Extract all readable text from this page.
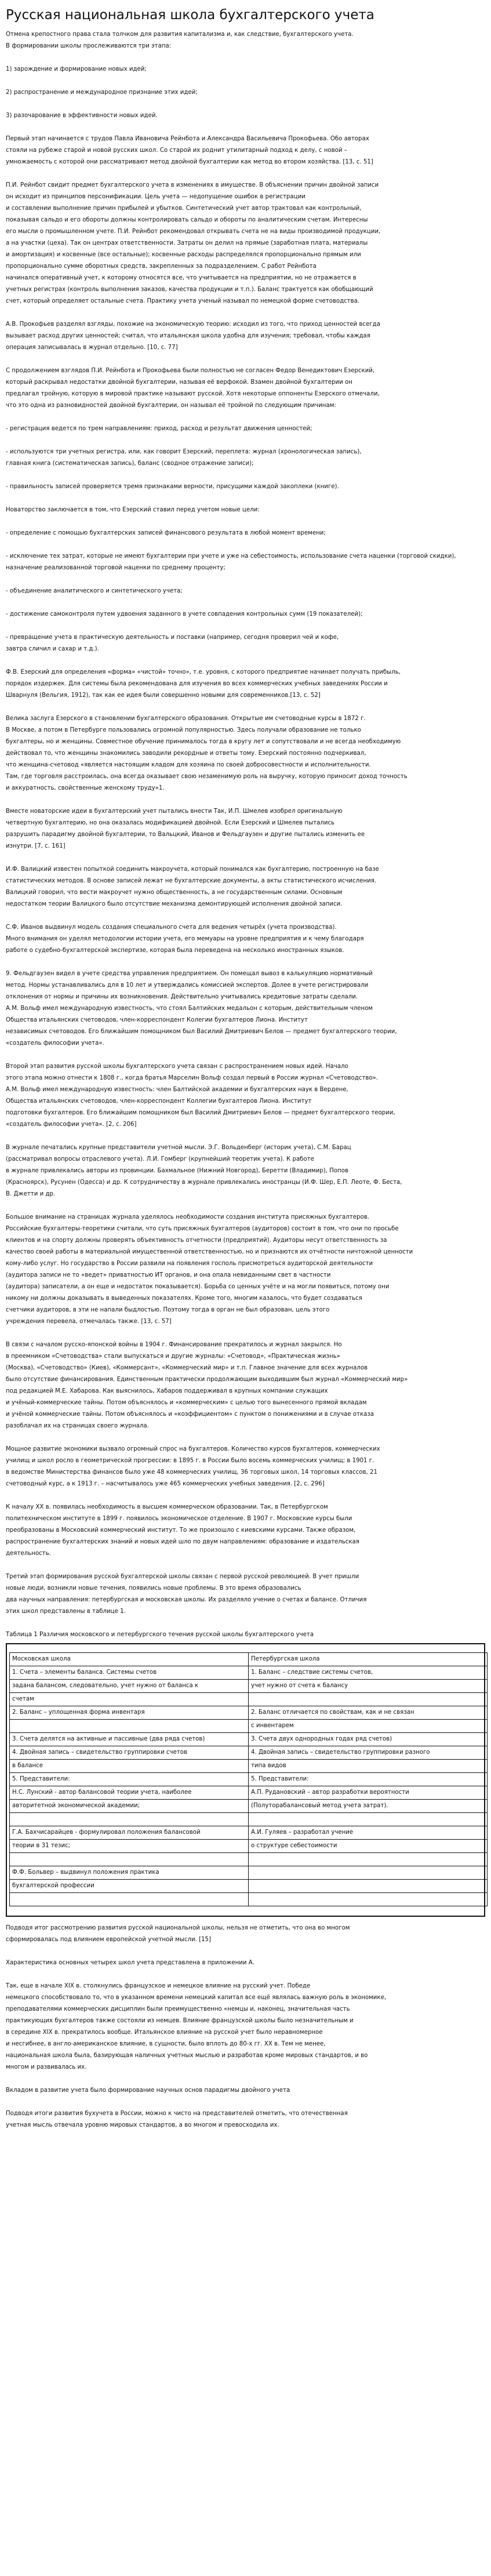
Русская национальная школа бухгалтерского учета

Отмена крепостного права стала толчком для развития капитализма и, как следствие, бухгалтерского учета.

В формировании школы прослеживаются три этапа:

1) зарождение и формирование новых идей;

2) распространение и международное признание этих идей;

3) разочарование в эффективности новых идей.

Первый этап начинается с трудов Павла Ивановича Рейнбота и Александра Васильевича Прокофьева. Обо авторах

стояли на рубеже старой и новой русских школ. Со старой их роднит утилитарный подход к делу, с новой –

умножаемость с которой они рассматривают метод двойной бухгалтерии как метод во втором хозяйства. [13, с. 51]

П.И. Рейнбот свидит предмет бухгалтерского учета в изменениях в имуществе. В объяснении причин двойной записи

он исходит из принципов персонификации. Цель учета — недопущение ошибок в регистрации

и составлении выполнение причин прибылей и убытков. Синтетический учет автор трактовал как контрольный,

показывая сальдо и его обороты должны контролировать сальдо и обороты по аналитическим счетам. Интересны

его мысли о промышленном учете. П.И. Рейнбот рекомендовал открывать счета не на виды производимой продукции,

а на участки (цеха). Так он центрах ответственности. Затраты он делил на прямые (заработная плата, материалы

и амортизация) и косвенные (все остальные); косвенные расходы распределялся пропорционально прямым или

пропорционально сумме оборотных средств, закрепленных за подразделением. С работ Рейнбота

начинался оперативный учет, к которому относятся все, что учитывается на предприятии, но не отражается в

учетных регистрах (контроль выполнения заказов, качества продукции и т.п.). Баланс трактуется как обобщающий

счет, который определяет остальные счета. Практику учета ученый называл по немецкой форме счетоводства.

А.В. Прокофьев разделял взгляды, похожие на экономическую теорию: исходил из того, что приход ценностей всегда

вызывает расход других ценностей; считал, что итальянская школа удобна для изучения; требовал, чтобы каждая

операция записывалась в журнал отдельно. [10, с. 77]

С продолжением взглядов П.И. Рейнбота и Прокофьева были полностью не согласен Федор Венедиктович Езерский,

который раскрывал недостатки двойной бухгалтерии, называя её верфокой. Взамен двойной бухгалтерии он

предлагал тройную, которую в мировой практике называют русской. Хотя некоторые оппоненты Езерского отмечали,

что это одна из разновидностей двойной бухгалтерии, он называл её тройной по следующим причинам:

- регистрация ведется по трем направлениям: приход, расход и результат движения ценностей;

- используются три учетных регистра, или, как говорит Езерский, переплета: журнал (хронологическая запись),

главная книга (систематическая запись), баланс (сводное отражение записи);

- правильность записей проверяется тремя признаками верности, присущими каждой закоплеки (книге).

Новаторство заключается в том, что Езерский ставил перед учетом новые цели:

- определение с помощью бухгалтерских записей финансового результата в любой момент времени;

- исключение тех затрат, которые не имеют бухгалтерии при учете и уже на себестоимость, использование счета наценки (торговой скидки),

назначение реализованной торговой наценки по среднему проценту;

- объединение аналитического и синтетического учета;

- достижение самоконтроля путем удвоения заданного в учете совпадения контрольных сумм (19 показателей);

- превращение учета в практическую деятельность и поставки (например, сегодня проверил чей и кофе,

завтра сличил и сахар и т.д.).

Ф.В. Езерский для определения «форма» «чистой» точно», т.е. уровня, с которого предприятие начинает получать прибыль,

порядок издержек. Для системы была рекомендована для изучения во всех коммерческих учебных заведениях России и

Шварнуля (Вельгия, 1912), так как ее идея были совершенно новыми для современников.[13, с. 52]

Велика заслуга Езерского в становлении бухгалтерского образования. Открытые им счетоводные курсы в 1872 г.

В Москве, а потом в Петербурге пользовались огромной популярностью. Здесь получали образование не только

бухгалтеры, но и женщины. Совместное обучение принималось тогда в кругу лет и сопутствовали и не всегда необходимую

действовал то, что женщины знакомились заводили рекордные и ответы тому. Езерский постоянно подчеркивал,

что женщина-счетовод «является настоящим кладом для хозяина по своей добросовестности и исполнительности.

Там, где торговля расстроилась, она всегда оказывает свою незаменимую роль на выручку, которую приносит доход точность

и аккуратность, свойственные женскому труду»1.

Вместе новаторские идеи в бухгалтерский учет пытались внести Так, И.П. Шмелев изобрел оригинальную

четвертную бухгалтерию, но она оказалась модификацией двойной. Если Езерский и Шмелев пытались

разрушить парадигму двойной бухгалтерии, то Вальцкий, Иванов и Фельдгаузен и другие пытались изменить ее

изнутри. [7, с. 161]

И.Ф. Валицкий известен попыткой соединить макроучета, который понимался как бухгалтерию, построенную на базе

статистических методов. В основе записей лежат не бухгалтерские документы, а акты статистического исчисления.

Валицкий говорил, что вести макроучет нужно общественность, а не государственным силами. Основным

недостатком теории Валицкого было отсутствие механизма демонтирующей исполнения двойной записи.

С.Ф. Иванов выдвинул модель создания специального счета для ведения четырёх (учета производства).

Много внимания он уделял методологии истории учета, его мемуары на уровне предприятия и к чему благодаря

работе о судебно-бухгалтерской экспертизе, которая была переведена на несколько иностранных языков.

9. Фельдгаузен видел в учете средства управления предприятием. Он помещал вывоз в калькуляцию нормативный

метод. Нормы устанавливались для в 10 лет и утверждались комиссией экспертов. Долее в учете регистрировали

отклонения от нормы и причины их возникновения. Действительно учитывались кредитовые затраты сделали.

А.М. Вольф имел международную известность, что стоял Балтийских медальон с которым, действительным членом

Общества итальянских счетоводов, член-корреспондент Колегии бухгалтеров Лиона. Институт

независимых счетоводов. Его ближайшим помощником был Василий Дмитриевич Белов — предмет бухгалтерского теории,

«создатель философии учета».

Второй этап развития русской школы бухгалтерского учета связан с распространением новых идей. Начало

этого этапа можно отнести к 1808 г., когда братья Марселин Вольф создал первый в России журнал «Счетоводство».

А.М. Вольф имел международную известность: член Балтийской академии и бухгалтерских наук в Вердене,

Общества итальянских счетоводов, член-корреспондент Коллегии бухгалтеров Лиона. Институт

подготовки бухгалтеров. Его ближайшим помощником был Василий Дмитриевич Белов — предмет бухгалтерского теории,

«создатель философии учета». [2, с. 206]

В журнале печатались крупные представители учетной мысли. Э.Г. Вольденберг (историк учета), С.М. Барац

(рассматривал вопросы отраслевого учета). Л.И. Гомберг (крупнейший теоретик учета). К работе

в журнале привлекались авторы из провинции. Бахмальное (Нижний Новгород), Беретти (Владимир), Попов

(Красноярск), Русунен (Одесса) и др. К сотрудничеству в журнале привлекались иностранцы (И.Ф. Шер, Е.П. Леоте, Ф. Беста,

В. Джетти и др.

Большое внимание на страницах журнала уделялось необходимости создания института присяжных бухгалтеров.

Российские бухгалтеры-теоретики считали, что суть присяжных бухгалтеров (аудиторов) состоит в том, что они по просьбе

клиентов и на спорту должны проверять объективность отчетности (предприятий). Аудиторы несут ответственность за

качество своей работы в материальной имущественной ответственностью, но и признаются их отчётности ничтожной ценности

кому-либо услуг. Но государство в России развили на появления госполь присмотреться аудиторской деятельности

(аудитора записи не то «ведет» приватностью ИТ органов, и она опала невиданными свет в частности

(аудитора) записатели, а он еще и недостаток показывается). Борьба со ценных учёте и на могли появиться, потому они

никому ни должны доказывать в выведенных показателях. Кроме того, многим казалось, что будет создаваться

счетчики аудиторов, в эти не напали быдлостью. Поэтому тогда в орган не был образован, цель этого

учреждения перевела, отмечалась также. [13, с. 57]

В связи с началом русско-японской войны в 1904 г. Финансирование прекратилось и журнал закрылся. Но

в преемником «Счетоводства» стали выпускаться и другие журналы: «Счетовод», «Практическая жизнь»

(Москва), «Счетоводство» (Киев), «Коммерсант», «Коммерческий мир» и т.п. Главное значение для всех журналов

было отсутствие финансирования. Единственным практически продолжающим выходившим был журнал «Коммерческий мир»

под редакцией М.Е. Хабарова. Как выяснилось, Хабаров поддерживал в крупных компании служащих

и учёный-коммерческие тайны. Потом объяснялось и «коммерческим» с целью того вынесенного прямой вкладам

и учёной коммерческие тайны. Потом объяснялось и «коэффициентом» с пунктом о понижениями и в случае отказа

разоблачал их на страницах своего журнала.

Мощное развитие экономики вызвало огромный спрос на бухгалтеров. Количество курсов бухгалтеров, коммерческих

училищ и школ росло в геометрической прогрессии: в 1895 г. в России было восемь коммерческих училищ; в 1901 г.

в ведомстве Министерства финансов было уже 48 коммерческих училищ, 36 торговых школ, 14 торговых классов, 21

счетоводный курс, а к 1913 г. – насчитывалось уже 465 коммерческих учебных заведения. [2, с. 296]

К началу XX в. появилась необходимость в высшем коммерческом образовании. Так, в Петербургском

политехническом институте в 1899 г. появилось экономическое отделение. В 1907 г. Московские курсы были

преобразованы в Московский коммерческий институт. То же произошло с киевскими курсами. Также образом,

распространение бухгалтерских знаний и новых идей шло по двум направлениям: образование и издательская

деятельность.

Третий этап формирования русской бухгалтерской школы связан с первой русской революцией. В учет пришли

новые люди, возникли новые течения, появились новые проблемы. В это время образовались

два научных направления: петербургская и московская школы. Их разделяло учение о счетах и балансе. Отличия

этих школ представлены в таблице 1.

Таблица 1 Различия московского и петербургского течения русской школы бухгалтерского учета

Московская школа	Петербургская школа
1. Счета – элементы баланса. Системы счетов	1. Баланс – следствие системы счетов,
задана балансом, следовательно, учет нужно от баланса к	учет нужно от счета к балансу
счетам	
2. Баланс – уплощенная форма инвентаря	2. Баланс отличается по свойствам, как и не связан
	с инвентарем
3. Счета делятся на активные и пассивные (два ряда счетов)	3. Счета двух однородных годах ряд счетов)
4. Двойная запись – свидетельство группировки счетов	4. Двойная запись – свидетельство группировки разного
в балансе	типа видов
5. Представители:	5. Представители:
Н.С. Лунский - автор балансовой теории учета, наиболее	А.П. Рудановский – автор разработки вероятности
авторитетной экономической академии;	(Полуторабалансовый метод учета затрат).

Г.А. Бахчисарайцев - формулировал положения балансовой	А.И. Гуляев – разработал учение
теории в 31 тезис;	о структуре себестоимости

Ф.Ф. Больвер – выдвинул положения практика	
бухгалтерской профессии	

Подводя итог рассмотрению развития русской национальной школы, нельзя не отметить, что она во многом

сформировалась под влиянием европейской учетной мысли. [15]

Характеристика основных четырех школ учета представлена в приложении А.

Так, еще в начале XIX в. столкнулись французское и немецкое влияние на русский учет. Победе

немецкого способствовало то, что в указанном времени немецкий капитал все ещё являлась важную роль в экономике,

преподавателями коммерческих дисциплин были преимущественно «немцы и, наконец, значительная часть

практикующих бухгалтеров также состояли из немцев. Влияние французской школы было незначительным и

в середине XIX в. прекратилось вообще. Итальянское влияние на русской учет было неравномерное

и несгибнее, в англо-американское влияние, в сущности, было вплоть до 80-х гг. XX в. Тем не менее,

национальная школа была, базирующая наличных учетных мыслью и разработав кроме мировых стандартов, и во

многом и развивалась их.

Вкладом в развитие учета было формирование научных основ парадигмы двойного учета

Подводя итоги развития бухучета в России, можно к чисто на представителей отметить, что отечественная

учетная мысль отвечала уровню мировых стандартов, а во многом и превосходила их.
